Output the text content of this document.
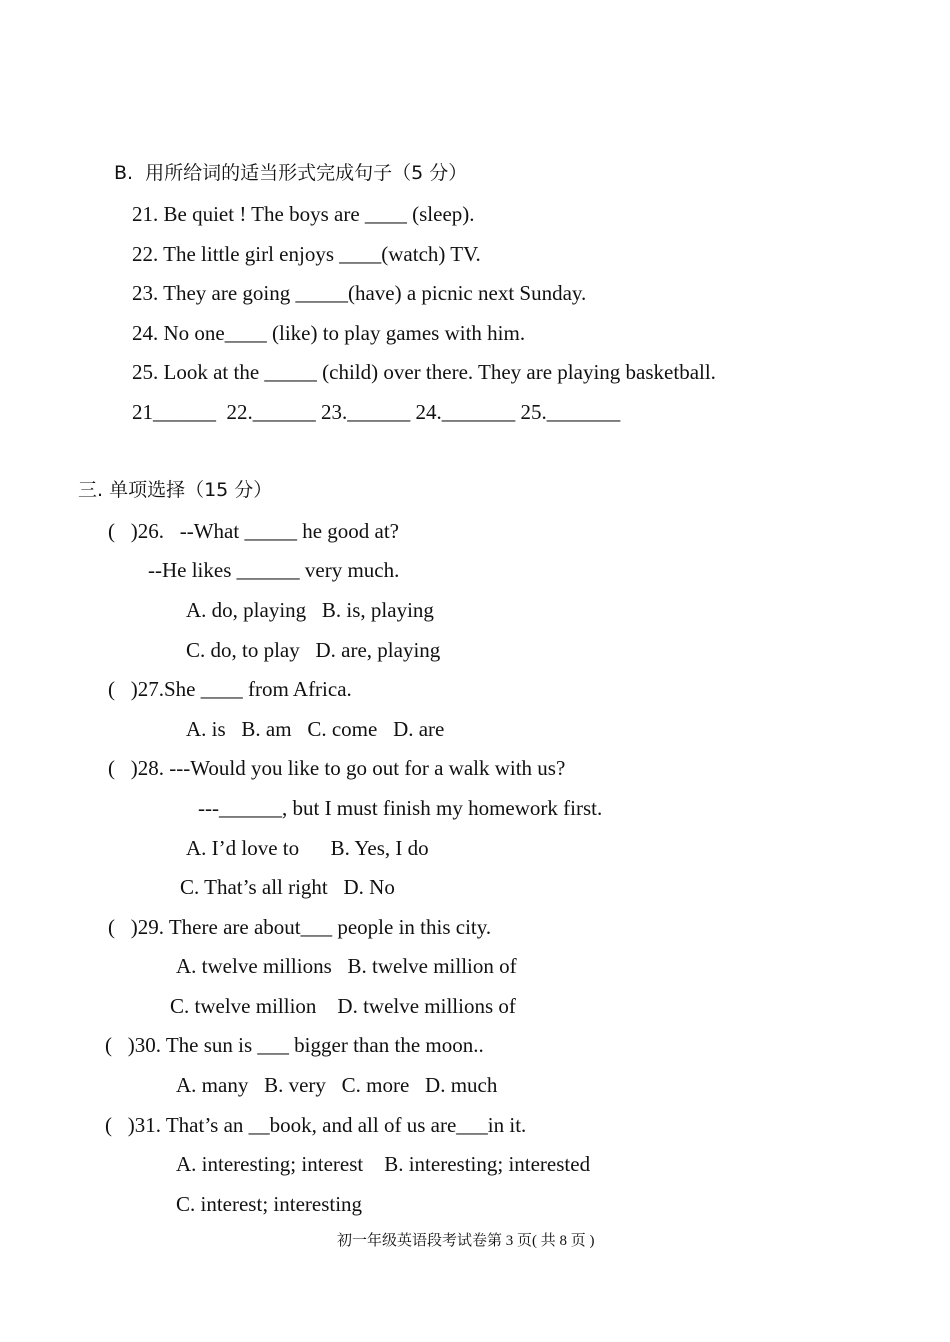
B.  用所给词的适当形式完成句子（5 分）
21. Be quiet ! The boys are ____ (sleep).
22. The little girl enjoys ____(watch) TV.
23. They are going _____(have) a picnic next Sunday.
24. No one____ (like) to play games with him.
25. Look at the _____ (child) over there. They are playing basketball.
21______  22.______ 23.______ 24._______ 25._______
三. 单项选择（15 分）
(   )26.   --What _____ he good at?
--He likes ______ very much.
A. do, playing   B. is, playing
C. do, to play   D. are, playing
(   )27.She ____ from Africa.
A. is   B. am   C. come   D. are
(   )28. ---Would you like to go out for a walk with us?
---______, but I must finish my homework first.
A. I’d love to      B. Yes, I do
C. That’s all right   D. No
(   )29. There are about___ people in this city.
A. twelve millions   B. twelve million of
C. twelve million    D. twelve millions of
(   )30. The sun is ___ bigger than the moon..
A. many   B. very   C. more   D. much
(   )31. That’s an __book, and all of us are___in it.
A. interesting; interest    B. interesting; interested
C. interest; interesting
初一年级英语段考试卷第 3 页( 共 8 页 )
